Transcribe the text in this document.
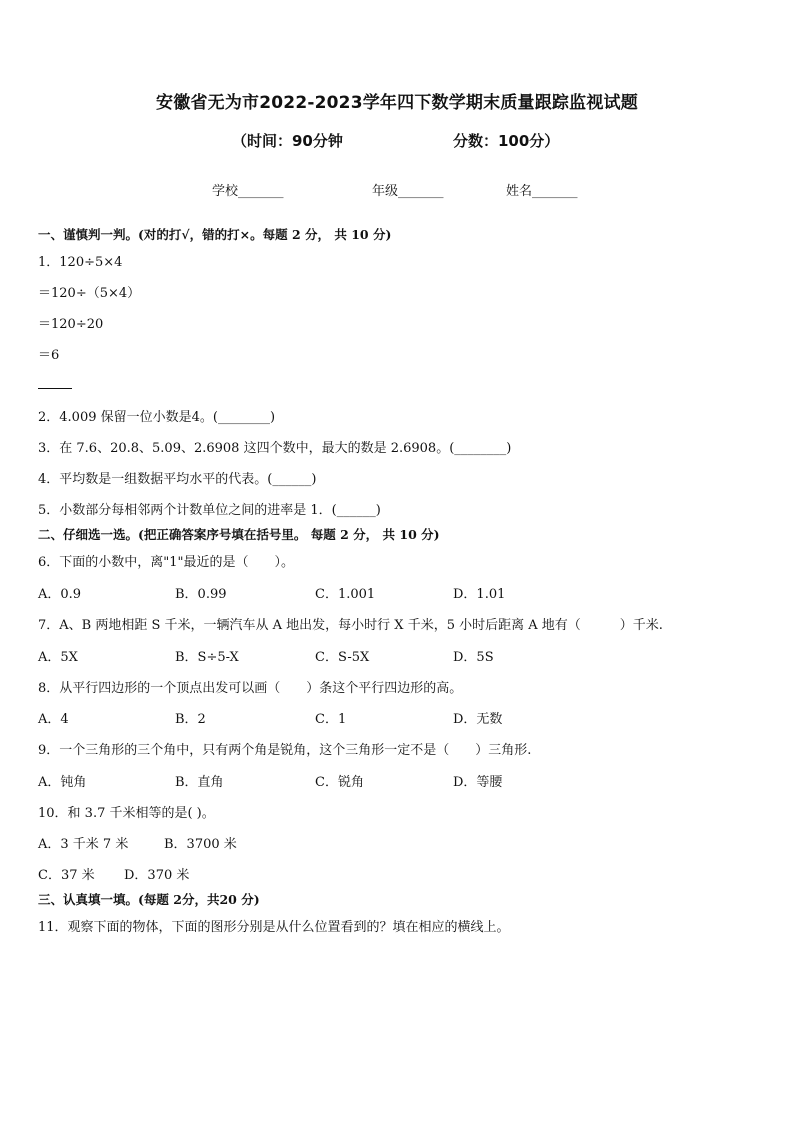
安徽省无为市2022-2023学年四下数学期末质量跟踪监视试题
（时间：90分钟	分数：100分）
学校_______	年级_______	姓名_______
一、谨慎判一判。(对的打√，错的打×。每题 2 分， 共 10 分)
1．120÷5×4
＝120÷（5×4）
＝120÷20
＝6
2．4.009 保留一位小数是4。(________)
3．在 7.6、20.8、5.09、2.6908 这四个数中，最大的数是 2.6908。(________)
4．平均数是一组数据平均水平的代表。(______)
5．小数部分每相邻两个计数单位之间的进率是 1．(______)
二、仔细选一选。(把正确答案序号填在括号里。 每题 2 分， 共 10 分)
6．下面的小数中，离"1"最近的是（　　）。
A．0.9	B．0.99	C．1.001	D．1.01
7．A、B 两地相距 S 千米，一辆汽车从 A 地出发，每小时行 X 千米，5 小时后距离 A 地有（　　　）千米.
A．5X	B．S÷5-X	C．S-5X	D．5S
8．从平行四边形的一个顶点出发可以画（　　）条这个平行四边形的高。
A．4	B．2	C．1	D．无数
9．一个三角形的三个角中，只有两个角是锐角，这个三角形一定不是（　　）三角形.
A．钝角	B．直角	C．锐角	D．等腰
10．和 3.7 千米相等的是( )。
A．3 千米 7 米	B．3700 米
C．37 米 D．370 米
三、认真填一填。(每题 2分，共20 分)
11．观察下面的物体，下面的图形分别是从什么位置看到的？填在相应的横线上。
